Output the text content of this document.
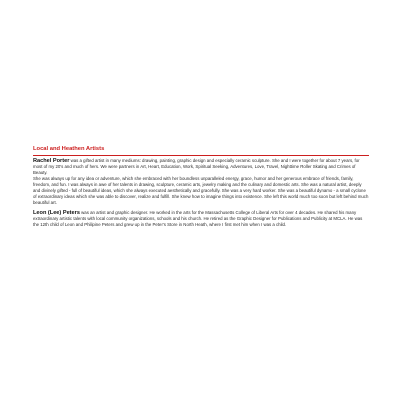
Local and Heathen Artists

Rachel Porter was a gifted artist in many mediums: drawing, painting, graphic design and especially ceramic sculpture. She and I were together for about 7 years, for most of my 20's and much of hers. We were partners in Art, Heart, Education, Work, Spiritual Seeking, Adventures, Love, Travel, Nighttime Roller Skating and Crimes of Beauty.

She was always up for any idea or adventure, which she embraced with her boundless unparalleled energy, grace, humor and her generous embrace of friends, family, freedom, and fun. I was always in awe of her talents in drawing, sculpture, ceramic arts, jewelry making and the culinary and domestic arts. She was a natural artist, deeply and divinely gifted - full of beautiful ideas, which she always executed aesthetically and gracefully. She was a very hard worker. She was a beautiful dynamo - a small cyclone of extraordinary ideas which she was able to discover, realize and fulfill. She knew how to imagine things into existence. She left this world much too soon but left behind much beautiful art.

Leon (Lee) Peters was an artist and graphic designer. He worked in the arts for the Massachusetts College of Liberal Arts for over 4 decades. He shared his many extraordinary artistic talents with local community organizations, schools and his church. He retired as the Graphic Designer for Publications and Publicity at MCLA. He was the 12th child of Leon and Philipine Peters and grew up in the Peter's Store in North Heath, where I first met him when I was a child.
